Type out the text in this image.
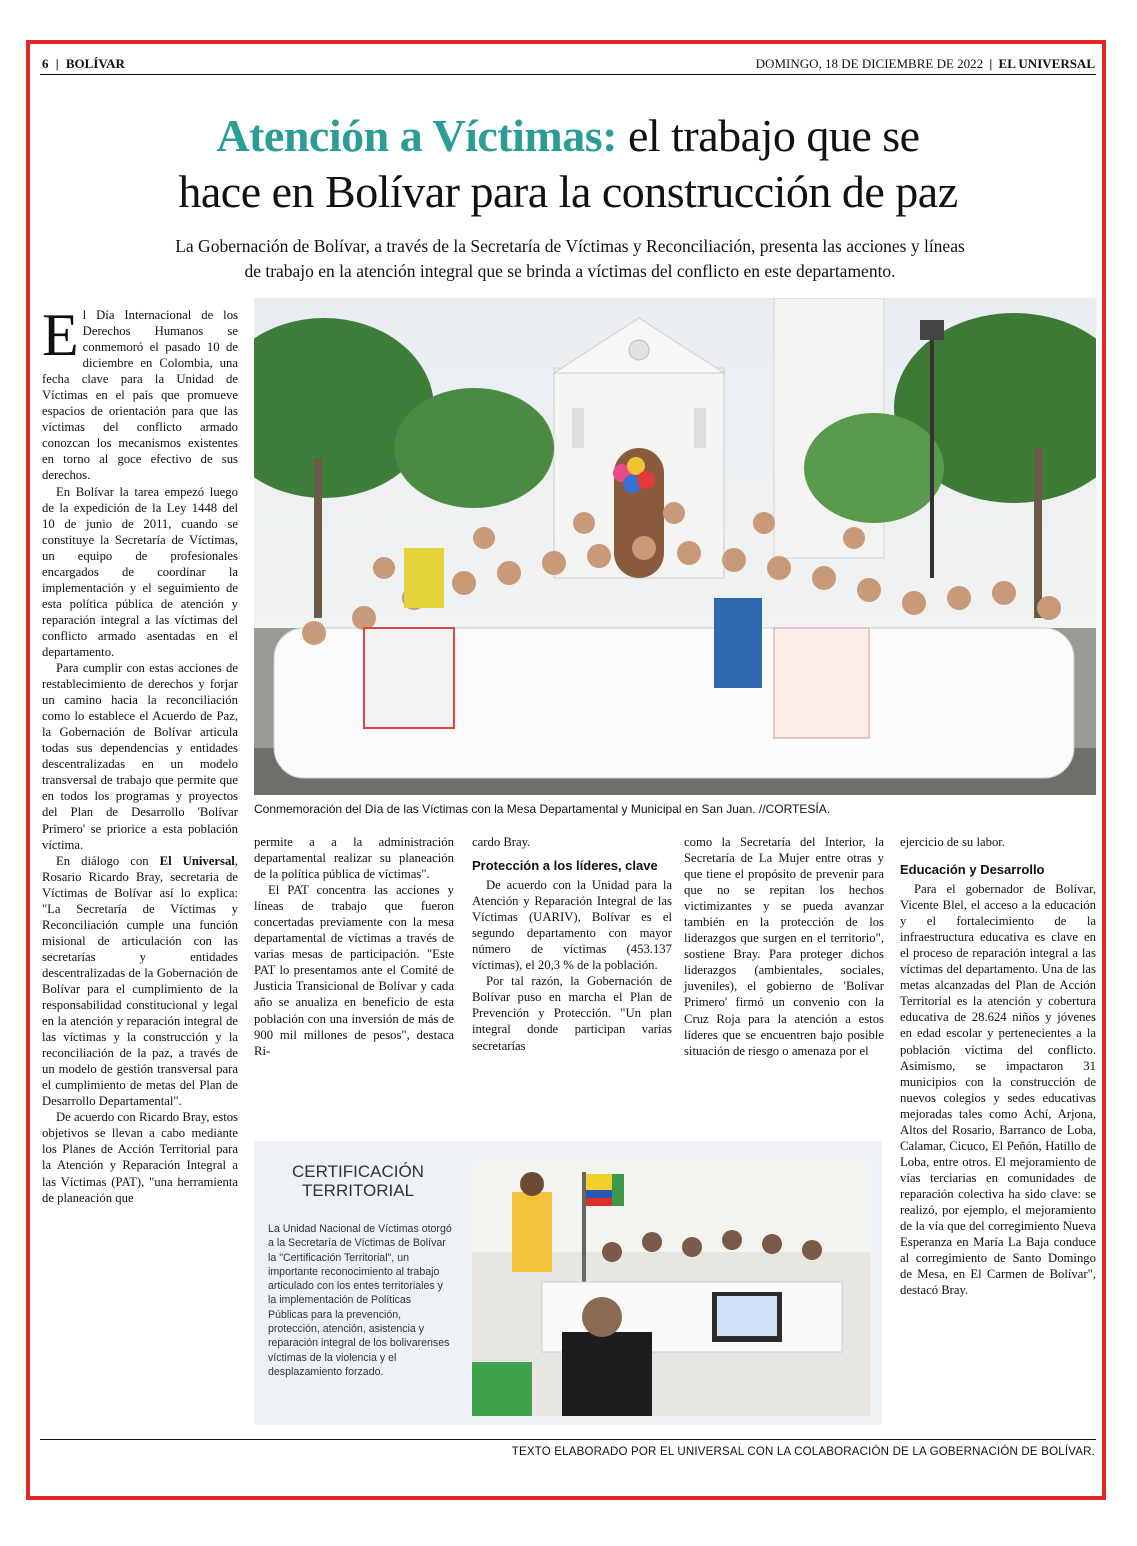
6 | BOLÍVAR	DOMINGO, 18 DE DICIEMBRE DE 2022 | EL UNIVERSAL
Atención a Víctimas: el trabajo que se
hace en Bolívar para la construcción de paz
La Gobernación de Bolívar, a través de la Secretaría de Víctimas y Reconciliación, presenta las acciones y líneas
de trabajo en la atención integral que se brinda a víctimas del conflicto en este departamento.
Conmemoración del Día de las Víctimas con la Mesa Departamental y Municipal en San Juan. //CORTESÍA.

El Día Internacional de los Derechos Humanos se conmemoró el pasado 10 de diciembre en Colombia, una fecha clave para la Unidad de Víctimas en el país que promueve espacios de orientación para que las víctimas del conflicto armado conozcan los mecanismos existentes en torno al goce efectivo de sus derechos.

En Bolívar la tarea empezó luego de la expedición de la Ley 1448 del 10 de junio de 2011, cuando se constituye la Secretaría de Víctimas, un equipo de profesionales encargados de coordinar la implementación y el seguimiento de esta política pública de atención y reparación integral a las víctimas del conflicto armado asentadas en el departamento.

Para cumplir con estas acciones de restablecimiento de derechos y forjar un camino hacia la reconciliación como lo establece el Acuerdo de Paz, la Gobernación de Bolívar articula todas sus dependencias y entidades descentralizadas en un modelo transversal de trabajo que permite que en todos los programas y proyectos del Plan de Desarrollo 'Bolívar Primero' se priorice a esta población víctima.

En diálogo con El Universal, Rosario Ricardo Bray, secretaria de Víctimas de Bolívar así lo explica: "La Secretaría de Víctimas y Reconciliación cumple una función misional de articulación con las secretarías y entidades descentralizadas de la Gobernación de Bolívar para el cumplimiento de la responsabilidad constitucional y legal en la atención y reparación integral de las víctimas y la construcción y la reconciliación de la paz, a través de un modelo de gestión transversal para el cumplimiento de metas del Plan de Desarrollo Departamental".

De acuerdo con Ricardo Bray, estos objetivos se llevan a cabo mediante los Planes de Acción Territorial para la Atención y Reparación Integral a las Víctimas (PAT), "una herramienta de planeación que

permite a a la administración departamental realizar su planeación de la política pública de víctimas".

El PAT concentra las acciones y líneas de trabajo que fueron concertadas previamente con la mesa departamental de víctimas a través de varias mesas de participación. "Este PAT lo presentamos ante el Comité de Justicia Transicional de Bolívar y cada año se anualiza en beneficio de esta población con una inversión de más de 900 mil millones de pesos", destaca Ri-

cardo Bray.

Protección a los líderes, clave

De acuerdo con la Unidad para la Atención y Reparación Integral de las Víctimas (UARIV), Bolívar es el segundo departamento con mayor número de víctimas (453.137 víctimas), el 20,3 % de la población.

Por tal razón, la Gobernación de Bolívar puso en marcha el Plan de Prevención y Protección. "Un plan integral donde participan varias secretarías

como la Secretaría del Interior, la Secretaría de La Mujer entre otras y que tiene el propósito de prevenir para que no se repitan los hechos victimizantes y se pueda avanzar también en la protección de los liderazgos que surgen en el territorio", sostiene Bray. Para proteger dichos liderazgos (ambientales, sociales, juveniles), el gobierno de 'Bolívar Primero' firmó un convenio con la Cruz Roja para la atención a estos líderes que se encuentren bajo posible situación de riesgo o amenaza por el

ejercicio de su labor.

Educación y Desarrollo

Para el gobernador de Bolívar, Vicente Blel, el acceso a la educación y el fortalecimiento de la infraestructura educativa es clave en el proceso de reparación integral a las víctimas del departamento. Una de las metas alcanzadas del Plan de Acción Territorial es la atención y cobertura educativa de 28.624 niños y jóvenes en edad escolar y pertenecientes a la población víctima del conflicto. Asimismo, se impactaron 31 municipios con la construcción de nuevos colegios y sedes educativas mejoradas tales como Achí, Arjona, Altos del Rosario, Barranco de Loba, Calamar, Cicuco, El Peñón, Hatillo de Loba, entre otros. El mejoramiento de vías terciarias en comunidades de reparación colectiva ha sido clave: se realizó, por ejemplo, el mejoramiento de la vía que del corregimiento Nueva Esperanza en María La Baja conduce al corregimiento de Santo Domingo de Mesa, en El Carmen de Bolívar", destacó Bray.

CERTIFICACIÓN
TERRITORIAL
La Unidad Nacional de Víctimas otorgó a la Secretaría de Víctimas de Bolívar la "Certificación Territorial", un importante reconocimiento al trabajo articulado con los entes territoriales y la implementación de Políticas Públicas para la prevención, protección, atención, asistencia y reparación integral de los bolivarenses víctimas de la violencia y el desplazamiento forzado.
TEXTO ELABORADO POR EL UNIVERSAL CON LA COLABORACIÓN DE LA GOBERNACIÓN DE BOLÍVAR.
